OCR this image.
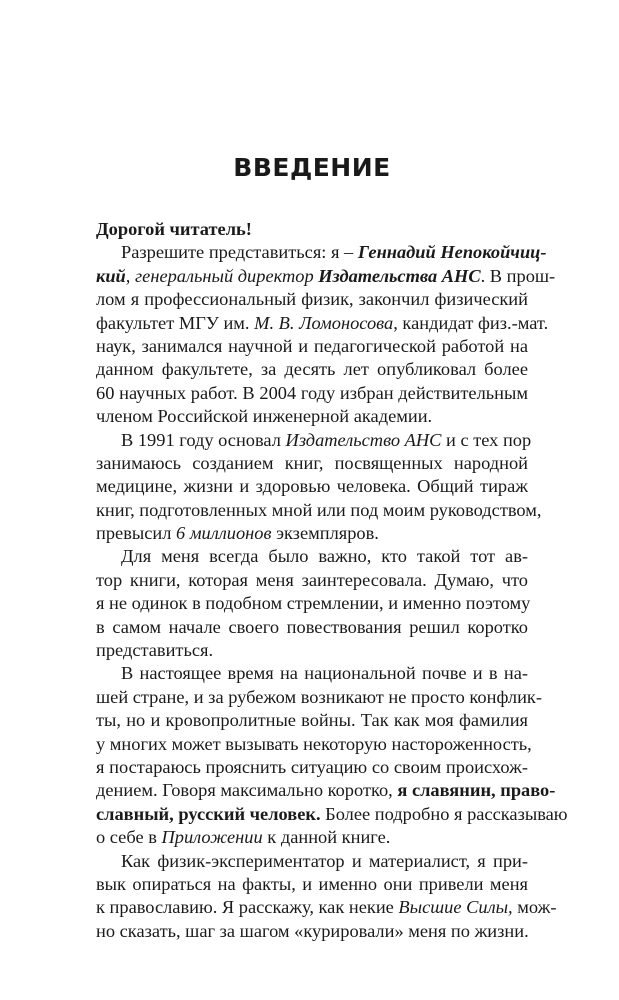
ВВЕДЕНИЕ
Дорогой читатель!
Разрешите представиться: я – Геннадий Непокойчиц-
кий, генеральный директор Издательства АНС. В прош-
лом я профессиональный физик, закончил физический
факультет МГУ им. М. В. Ломоносова, кандидат физ.-мат.
наук, занимался научной и педагогической работой на
данном факультете, за десять лет опубликовал более
60 научных работ. В 2004 году избран действительным
членом Российской инженерной академии.
В 1991 году основал Издательство АНС и с тех пор
занимаюсь созданием книг, посвященных народной
медицине, жизни и здоровью человека. Общий тираж
книг, подготовленных мной или под моим руководством,
превысил 6 миллионов экземпляров.
Для меня всегда было важно, кто такой тот ав-
тор книги, которая меня заинтересовала. Думаю, что
я не одинок в подобном стремлении, и именно поэтому
в самом начале своего повествования решил коротко
представиться.
В настоящее время на национальной почве и в на-
шей стране, и за рубежом возникают не просто конфлик-
ты, но и кровопролитные войны. Так как моя фамилия
у многих может вызывать некоторую настороженность,
я постараюсь прояснить ситуацию со своим происхож-
дением. Говоря максимально коротко, я славянин, право-
славный, русский человек. Более подробно я рассказываю
о себе в Приложении к данной книге.
Как физик-экспериментатор и материалист, я при-
вык опираться на факты, и именно они привели меня
к православию. Я расскажу, как некие Высшие Силы, мож-
но сказать, шаг за шагом «курировали» меня по жизни.
